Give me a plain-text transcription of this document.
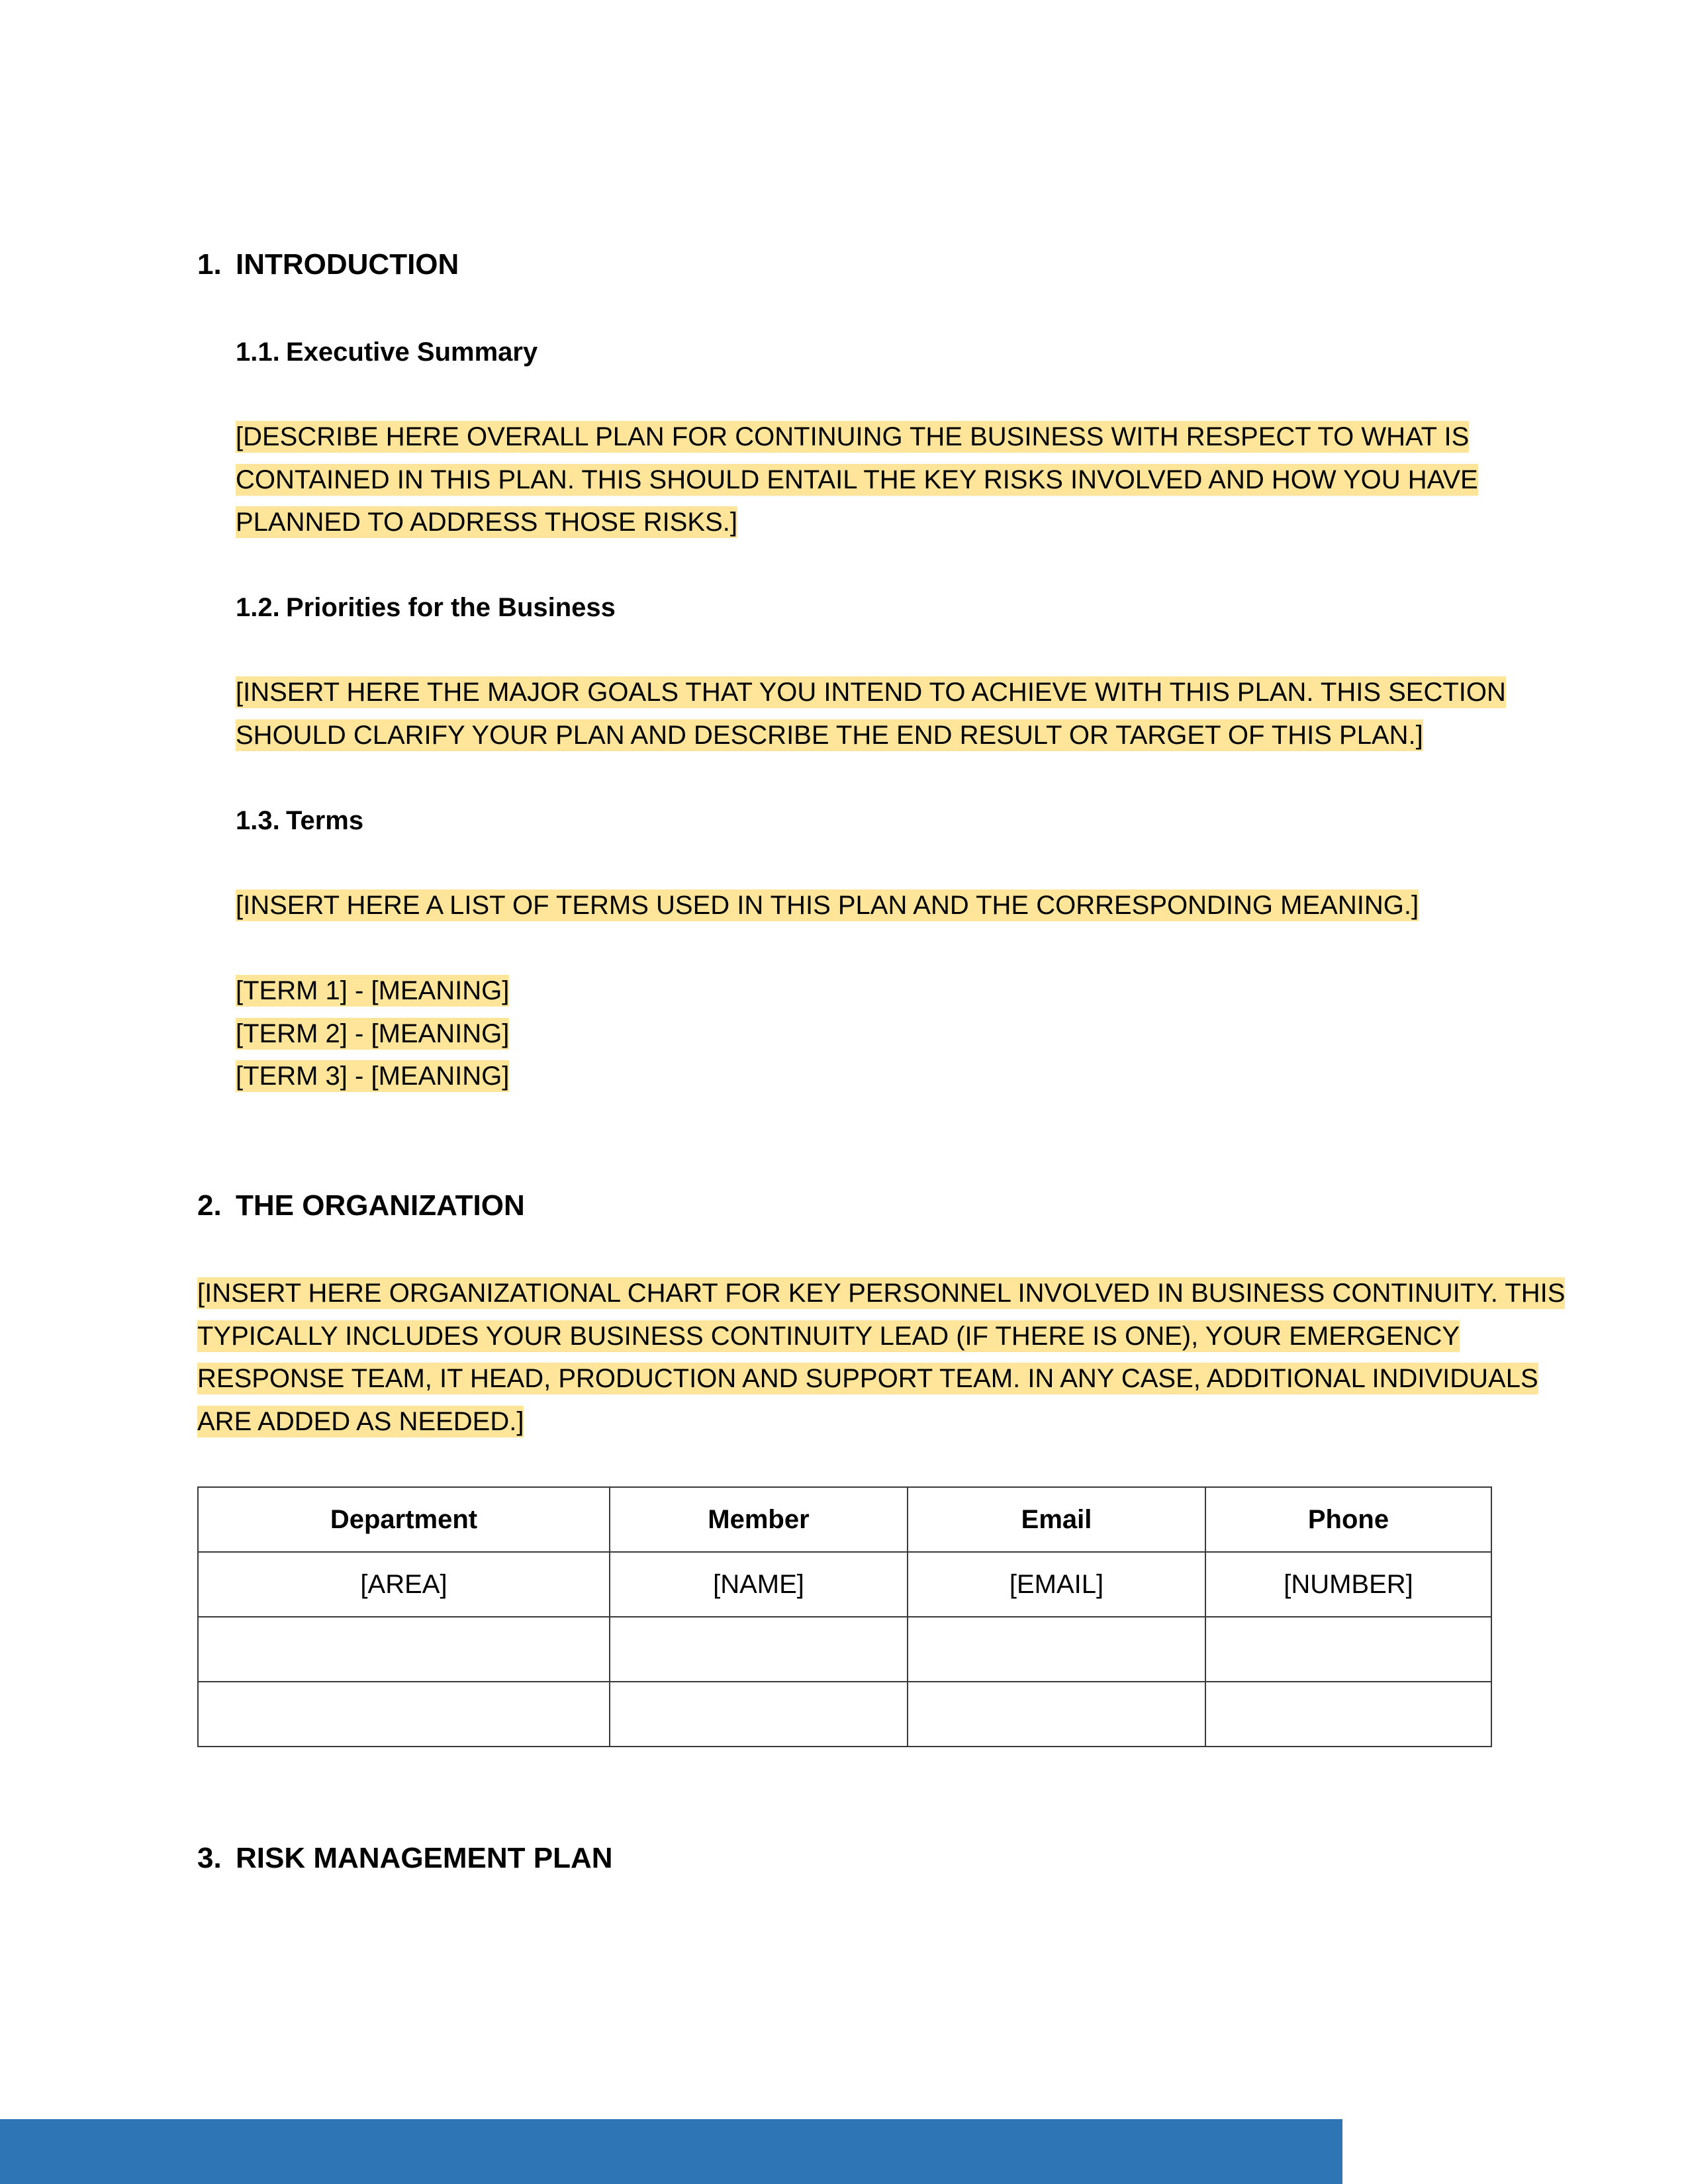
1. INTRODUCTION
1.1. Executive Summary
[DESCRIBE HERE OVERALL PLAN FOR CONTINUING THE BUSINESS WITH RESPECT TO WHAT IS
CONTAINED IN THIS PLAN. THIS SHOULD ENTAIL THE KEY RISKS INVOLVED AND HOW YOU HAVE
PLANNED TO ADDRESS THOSE RISKS.]
1.2. Priorities for the Business
[INSERT HERE THE MAJOR GOALS THAT YOU INTEND TO ACHIEVE WITH THIS PLAN. THIS SECTION
SHOULD CLARIFY YOUR PLAN AND DESCRIBE THE END RESULT OR TARGET OF THIS PLAN.]
1.3. Terms
[INSERT HERE A LIST OF TERMS USED IN THIS PLAN AND THE CORRESPONDING MEANING.]
[TERM 1] - [MEANING]
[TERM 2] - [MEANING]
[TERM 3] - [MEANING]
2. THE ORGANIZATION
[INSERT HERE ORGANIZATIONAL CHART FOR KEY PERSONNEL INVOLVED IN BUSINESS CONTINUITY. THIS
TYPICALLY INCLUDES YOUR BUSINESS CONTINUITY LEAD (IF THERE IS ONE), YOUR EMERGENCY
RESPONSE TEAM, IT HEAD, PRODUCTION AND SUPPORT TEAM. IN ANY CASE, ADDITIONAL INDIVIDUALS
ARE ADDED AS NEEDED.]
Department	Member	Email	Phone
[AREA]	[NAME]	[EMAIL]	[NUMBER]

3. RISK MANAGEMENT PLAN
